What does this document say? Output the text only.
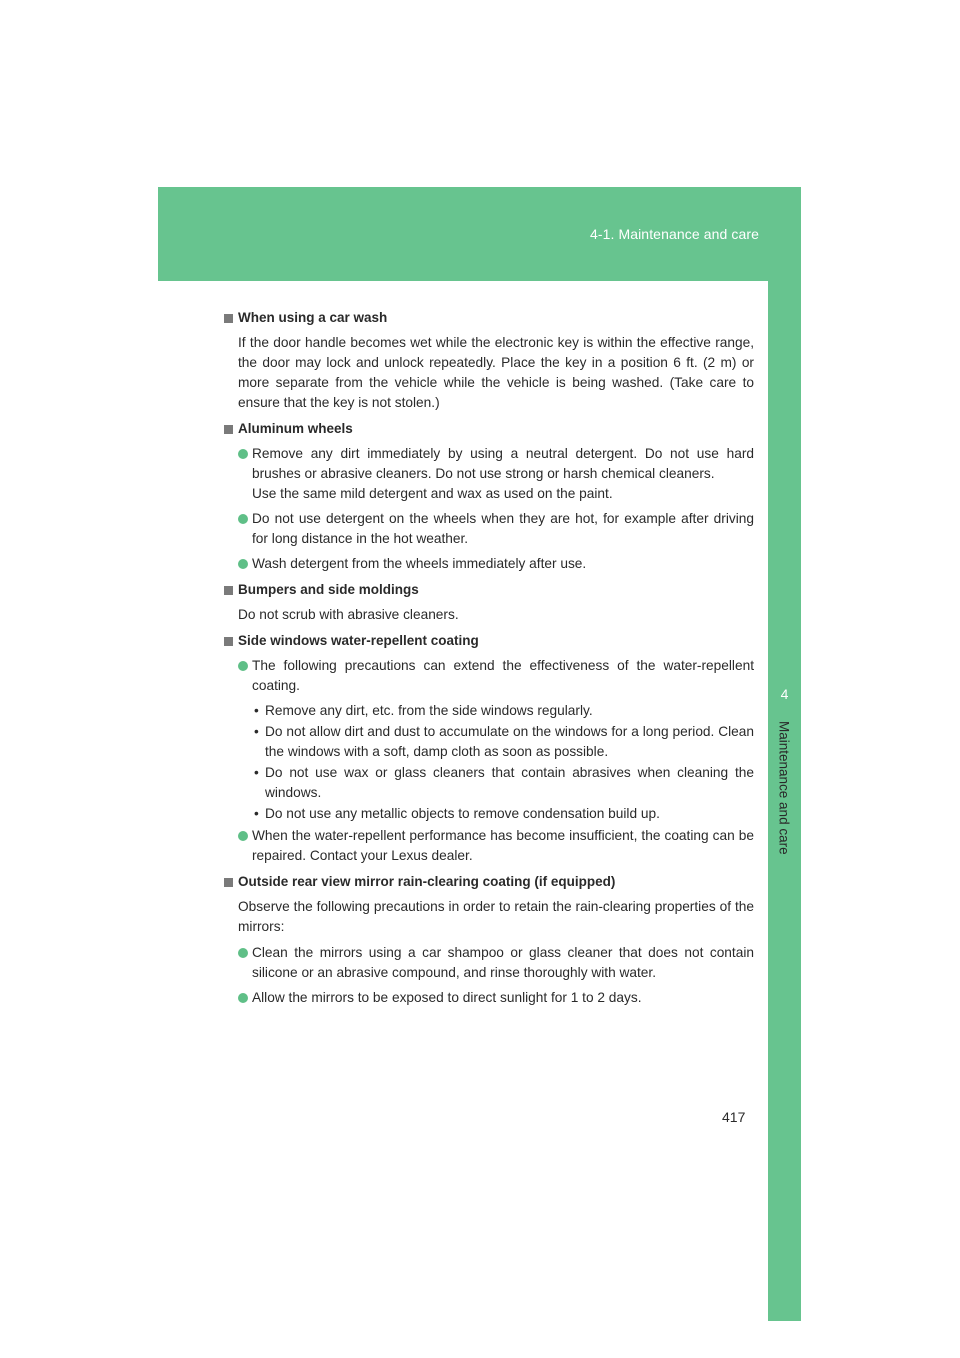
4-1. Maintenance and care
4
Maintenance and care
When using a car wash
If the door handle becomes wet while the electronic key is within the effective range, the door may lock and unlock repeatedly. Place the key in a position 6 ft. (2 m) or more separate from the vehicle while the vehicle is being washed. (Take care to ensure that the key is not stolen.)
Aluminum wheels

Remove any dirt immediately by using a neutral detergent. Do not use hard brushes or abrasive cleaners. Do not use strong or harsh chemical cleaners.

Use the same mild detergent and wax as used on the paint.

Do not use detergent on the wheels when they are hot, for example after driving for long distance in the hot weather.

Wash detergent from the wheels immediately after use.

Bumpers and side moldings
Do not scrub with abrasive cleaners.
Side windows water-repellent coating

The following precautions can extend the effectiveness of the water-repellent coating.

• Remove any dirt, etc. from the side windows regularly.
• Do not allow dirt and dust to accumulate on the windows for a long period. Clean the windows with a soft, damp cloth as soon as possible.
• Do not use wax or glass cleaners that contain abrasives when cleaning the windows.
• Do not use any metallic objects to remove condensation build up.

When the water-repellent performance has become insufficient, the coating can be repaired. Contact your Lexus dealer.

Outside rear view mirror rain-clearing coating (if equipped)
Observe the following precautions in order to retain the rain-clearing properties of the mirrors:

Clean the mirrors using a car shampoo or glass cleaner that does not contain silicone or an abrasive compound, and rinse thoroughly with water.

Allow the mirrors to be exposed to direct sunlight for 1 to 2 days.

417
